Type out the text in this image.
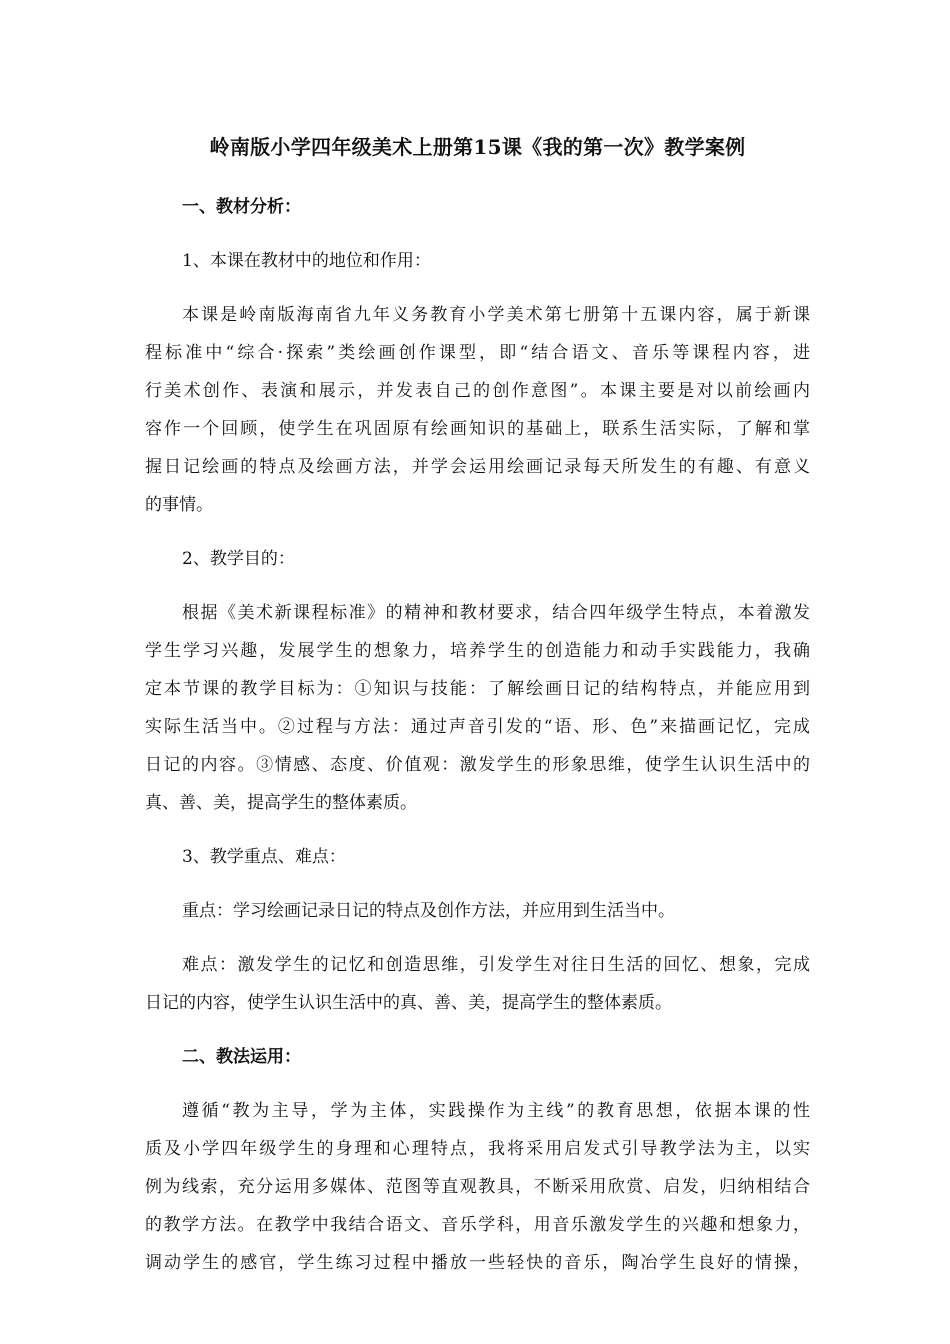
岭南版小学四年级美术上册第15课《我的第一次》教学案例
一、教材分析：
1、本课在教材中的地位和作用：
本课是岭南版海南省九年义务教育小学美术第七册第十五课内容，属于新课
程标准中“综合·探索”类绘画创作课型，即“结合语文、音乐等课程内容，进
行美术创作、表演和展示，并发表自己的创作意图”。本课主要是对以前绘画内
容作一个回顾，使学生在巩固原有绘画知识的基础上，联系生活实际，了解和掌
握日记绘画的特点及绘画方法，并学会运用绘画记录每天所发生的有趣、有意义
的事情。
2、教学目的：
根据《美术新课程标准》的精神和教材要求，结合四年级学生特点，本着激发
学生学习兴趣，发展学生的想象力，培养学生的创造能力和动手实践能力，我确
定本节课的教学目标为：①知识与技能：了解绘画日记的结构特点，并能应用到
实际生活当中。②过程与方法：通过声音引发的“语、形、色”来描画记忆，完成
日记的内容。③情感、态度、价值观：激发学生的形象思维，使学生认识生活中的
真、善、美，提高学生的整体素质。
3、教学重点、难点：
重点：学习绘画记录日记的特点及创作方法，并应用到生活当中。
难点：激发学生的记忆和创造思维，引发学生对往日生活的回忆、想象，完成
日记的内容，使学生认识生活中的真、善、美，提高学生的整体素质。
二、教法运用：
遵循“教为主导，学为主体，实践操作为主线”的教育思想，依据本课的性
质及小学四年级学生的身理和心理特点，我将采用启发式引导教学法为主，以实
例为线索，充分运用多媒体、范图等直观教具，不断采用欣赏、启发，归纳相结合
的教学方法。在教学中我结合语文、音乐学科，用音乐激发学生的兴趣和想象力，
调动学生的感官，学生练习过程中播放一些轻快的音乐，陶冶学生良好的情操，
